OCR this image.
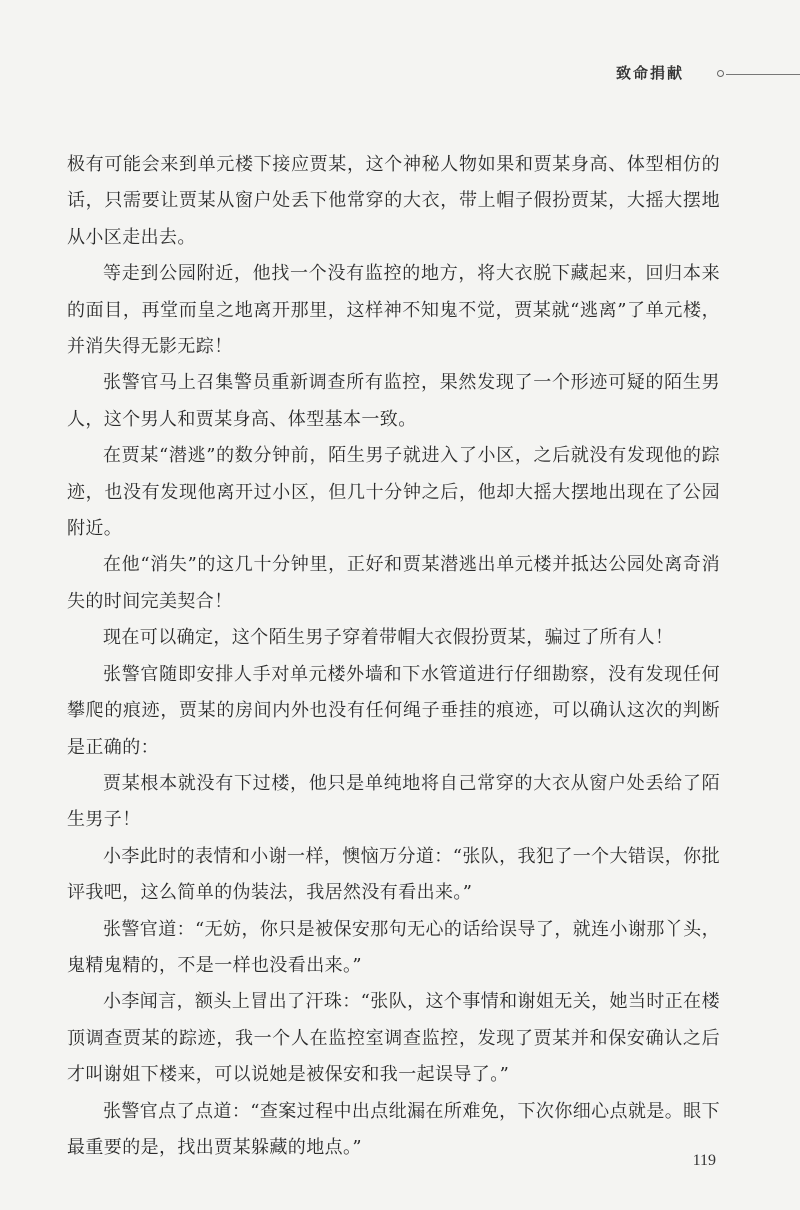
致命捐献

极有可能会来到单元楼下接应贾某，这个神秘人物如果和贾某身高、体型相仿的话，只需要让贾某从窗户处丢下他常穿的大衣，带上帽子假扮贾某，大摇大摆地从小区走出去。

等走到公园附近，他找一个没有监控的地方，将大衣脱下藏起来，回归本来的面目，再堂而皇之地离开那里，这样神不知鬼不觉，贾某就“逃离”了单元楼，并消失得无影无踪！

张警官马上召集警员重新调查所有监控，果然发现了一个形迹可疑的陌生男人，这个男人和贾某身高、体型基本一致。

在贾某“潜逃”的数分钟前，陌生男子就进入了小区，之后就没有发现他的踪迹，也没有发现他离开过小区，但几十分钟之后，他却大摇大摆地出现在了公园附近。

在他“消失”的这几十分钟里，正好和贾某潜逃出单元楼并抵达公园处离奇消失的时间完美契合！

现在可以确定，这个陌生男子穿着带帽大衣假扮贾某，骗过了所有人！

张警官随即安排人手对单元楼外墙和下水管道进行仔细勘察，没有发现任何攀爬的痕迹，贾某的房间内外也没有任何绳子垂挂的痕迹，可以确认这次的判断是正确的：

贾某根本就没有下过楼，他只是单纯地将自己常穿的大衣从窗户处丢给了陌生男子！

小李此时的表情和小谢一样，懊恼万分道：“张队，我犯了一个大错误，你批评我吧，这么简单的伪装法，我居然没有看出来。”

张警官道：“无妨，你只是被保安那句无心的话给误导了，就连小谢那丫头，鬼精鬼精的，不是一样也没看出来。”

小李闻言，额头上冒出了汗珠：“张队，这个事情和谢姐无关，她当时正在楼顶调查贾某的踪迹，我一个人在监控室调查监控，发现了贾某并和保安确认之后才叫谢姐下楼来，可以说她是被保安和我一起误导了。”

张警官点了点道：“查案过程中出点纰漏在所难免，下次你细心点就是。眼下最重要的是，找出贾某躲藏的地点。”

119
